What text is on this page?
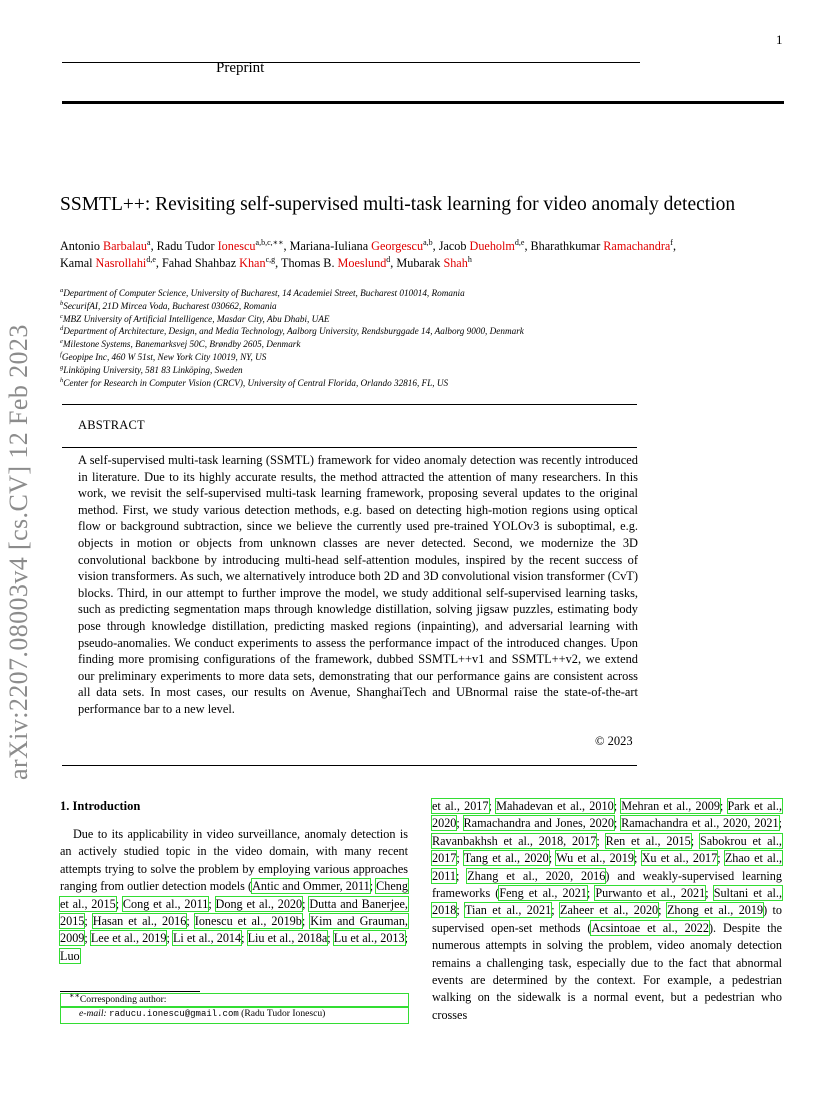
1
Preprint
arXiv:2207.08003v4 [cs.CV] 12 Feb 2023
SSMTL++: Revisiting self-supervised multi-task learning for video anomaly detection
Antonio Barbalau$^a$, Radu Tudor Ionescu$^{a,b,c,∗∗}$, Mariana-Iuliana Georgescu$^{a,b}$, Jacob Dueholm$^{d,e}$, Bharathkumar Ramachandra$^f$,
Kamal Nasrollahi$^{d,e}$, Fahad Shahbaz Khan$^{c,g}$, Thomas B. Moeslund$^d$, Mubarak Shah$^h$
$^a$Department of Computer Science, University of Bucharest, 14 Academiei Street, Bucharest 010014, Romania
$^b$SecurifAI, 21D Mircea Voda, Bucharest 030662, Romania
$^c$MBZ University of Artificial Intelligence, Masdar City, Abu Dhabi, UAE
$^d$Department of Architecture, Design, and Media Technology, Aalborg University, Rendsburggade 14, Aalborg 9000, Denmark
$^e$Milestone Systems, Banemarksvej 50C, Brøndby 2605, Denmark
$^f$Geopipe Inc, 460 W 51st, New York City 10019, NY, US
$^g$Linköping University, 581 83 Linköping, Sweden
$^h$Center for Research in Computer Vision (CRCV), University of Central Florida, Orlando 32816, FL, US
ABSTRACT
A self-supervised multi-task learning (SSMTL) framework for video anomaly detection was recently introduced in literature. Due to its highly accurate results, the method attracted the attention of many researchers. In this work, we revisit the self-supervised multi-task learning framework, proposing several updates to the original method. First, we study various detection methods, e.g. based on detecting high-motion regions using optical flow or background subtraction, since we believe the currently used pre-trained YOLOv3 is suboptimal, e.g. objects in motion or objects from unknown classes are never detected. Second, we modernize the 3D convolutional backbone by introducing multi-head self-attention modules, inspired by the recent success of vision transformers. As such, we alternatively introduce both 2D and 3D convolutional vision transformer (CvT) blocks. Third, in our attempt to further improve the model, we study additional self-supervised learning tasks, such as predicting segmentation maps through knowledge distillation, solving jigsaw puzzles, estimating body pose through knowledge distillation, predicting masked regions (inpainting), and adversarial learning with pseudo-anomalies. We conduct experiments to assess the performance impact of the introduced changes. Upon finding more promising configurations of the framework, dubbed SSMTL++v1 and SSMTL++v2, we extend our preliminary experiments to more data sets, demonstrating that our performance gains are consistent across all data sets. In most cases, our results on Avenue, ShanghaiTech and UBnormal raise the state-of-the-art performance bar to a new level.
© 2023
1. Introduction
Due to its applicability in video surveillance, anomaly detection is an actively studied topic in the video domain, with many recent attempts trying to solve the problem by employing various approaches ranging from outlier detection models (Antic and Ommer, 2011; Cheng et al., 2015; Cong et al., 2011; Dong et al., 2020; Dutta and Banerjee, 2015; Hasan et al., 2016; Ionescu et al., 2019b; Kim and Grauman, 2009; Lee et al., 2019; Li et al., 2014; Liu et al., 2018a; Lu et al., 2013; Luo
et al., 2017; Mahadevan et al., 2010; Mehran et al., 2009; Park et al., 2020; Ramachandra and Jones, 2020; Ramachandra et al., 2020, 2021; Ravanbakhsh et al., 2018, 2017; Ren et al., 2015; Sabokrou et al., 2017; Tang et al., 2020; Wu et al., 2019; Xu et al., 2017; Zhao et al., 2011; Zhang et al., 2020, 2016) and weakly-supervised learning frameworks (Feng et al., 2021; Purwanto et al., 2021; Sultani et al., 2018; Tian et al., 2021; Zaheer et al., 2020; Zhong et al., 2019) to supervised open-set methods (Acsintoae et al., 2022). Despite the numerous attempts in solving the problem, video anomaly detection remains a challenging task, especially due to the fact that abnormal events are determined by the context. For example, a pedestrian walking on the sidewalk is a normal event, but a pedestrian who crosses
∗∗Corresponding author:
e-mail: raducu.ionescu@gmail.com (Radu Tudor Ionescu)
